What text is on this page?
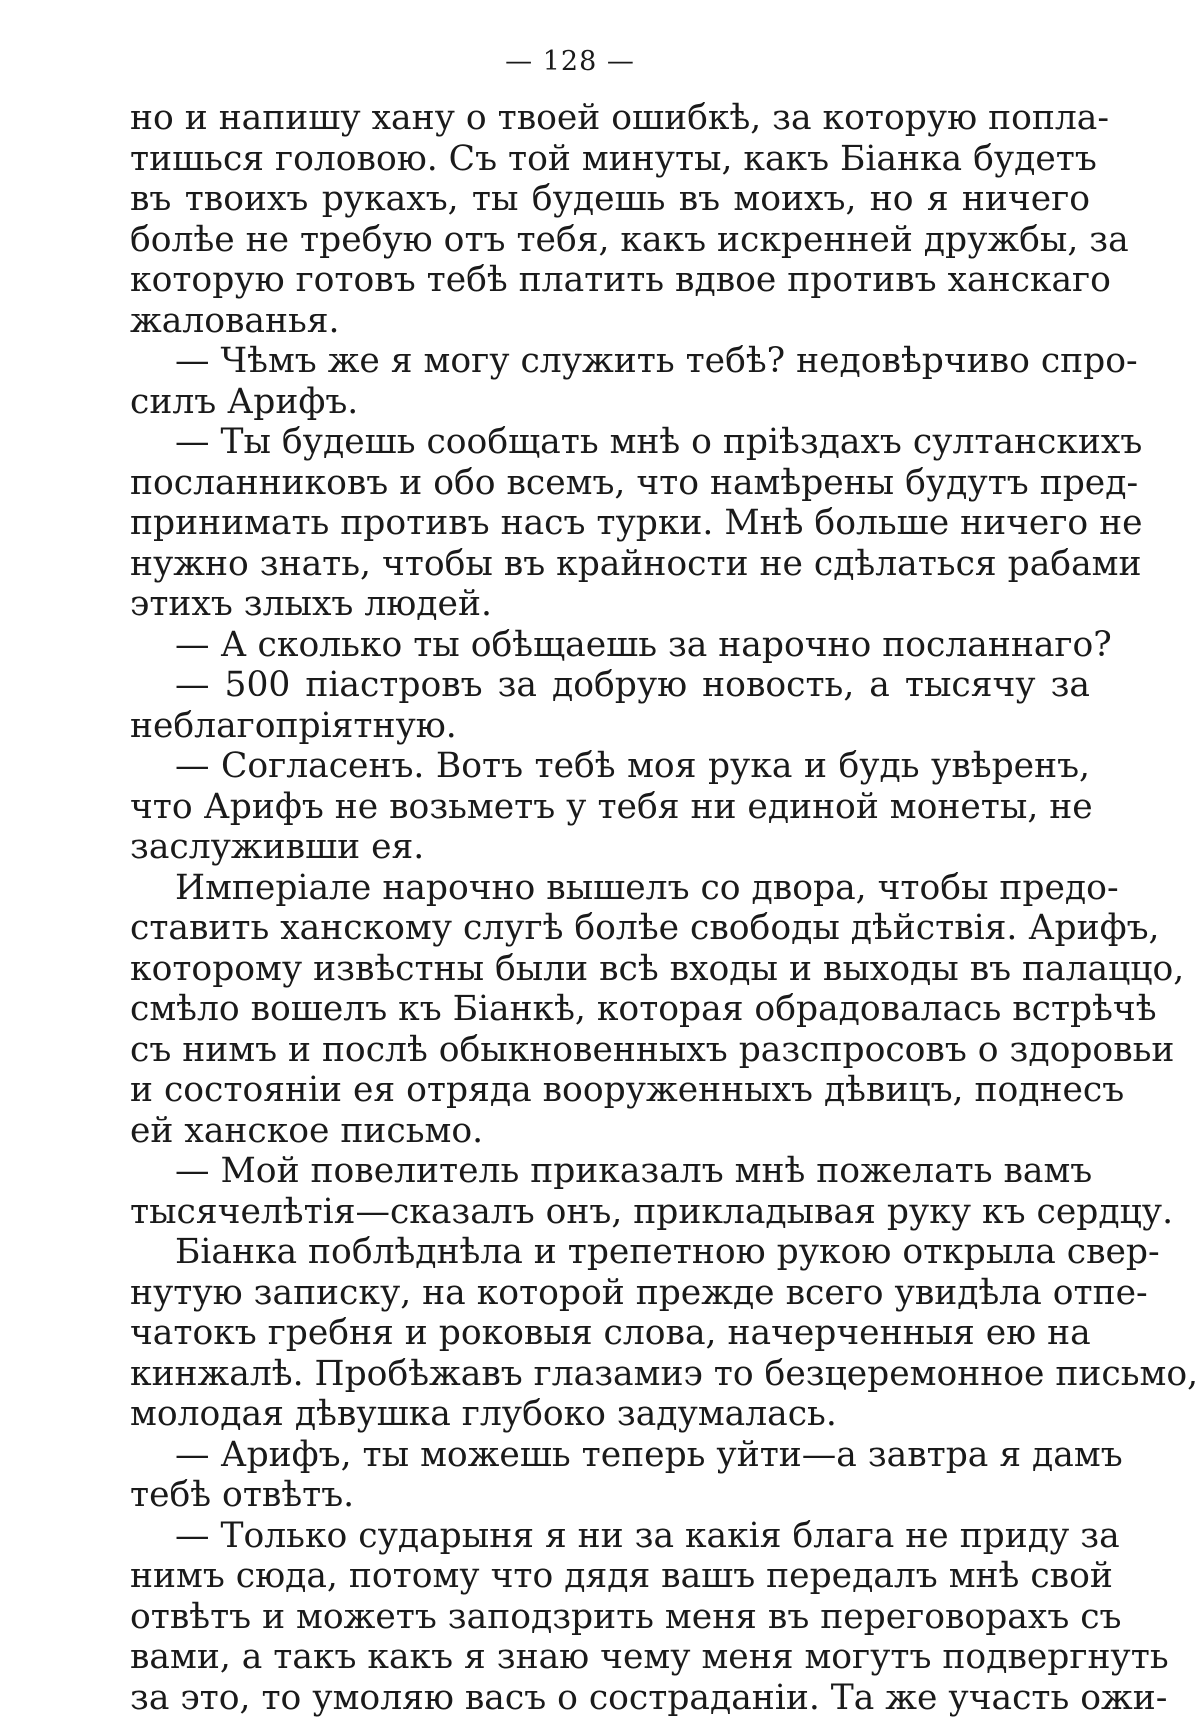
— 128 —
но и напишу хану о твоей ошибкѣ, за которую попла-
тишься головою. Съ той минуты, какъ Біанка будетъ
въ твоихъ рукахъ, ты будешь въ моихъ, но я ничего
болѣе не требую отъ тебя, какъ искренней дружбы, за
которую готовъ тебѣ платить вдвое противъ ханскаго
жалованья.
— Чѣмъ же я могу служить тебѣ? недовѣрчиво спро-
силъ Арифъ.
— Ты будешь сообщать мнѣ о пріѣздахъ султанскихъ
посланниковъ и обо всемъ, что намѣрены будутъ пред-
принимать противъ насъ турки. Мнѣ больше ничего не
нужно знать, чтобы въ крайности не сдѣлаться рабами
этихъ злыхъ людей.
— А сколько ты обѣщаешь за нарочно посланнаго?
— 500 піастровъ за добрую новость, а тысячу за
неблагопріятную.
— Согласенъ. Вотъ тебѣ моя рука и будь увѣренъ,
что Арифъ не возьметъ у тебя ни единой монеты, не
заслуживши ея.
Имперіале нарочно вышелъ со двора, чтобы предо-
ставить ханскому слугѣ болѣе свободы дѣйствія. Арифъ,
которому извѣстны были всѣ входы и выходы въ палаццо,
смѣло вошелъ къ Біанкѣ, которая обрадовалась встрѣчѣ
съ нимъ и послѣ обыкновенныхъ разспросовъ о здоровьи
и состояніи ея отряда вооруженныхъ дѣвицъ, поднесъ
ей ханское письмо.
— Мой повелитель приказалъ мнѣ пожелать вамъ
тысячелѣтія—сказалъ онъ, прикладывая руку къ сердцу.
Біанка поблѣднѣла и трепетною рукою открыла свер-
нутую записку, на которой прежде всего увидѣла отпе-
чатокъ гребня и роковыя слова, начерченныя ею на
кинжалѣ. Пробѣжавъ глазамиэ то безцеремонное письмо,
молодая дѣвушка глубоко задумалась.
— Арифъ, ты можешь теперь уйти—а завтра я дамъ
тебѣ отвѣтъ.
— Только сударыня я ни за какія блага не приду за
нимъ сюда, потому что дядя вашъ передалъ мнѣ свой
отвѣтъ и можетъ заподзрить меня въ переговорахъ съ
вами, а такъ какъ я знаю чему меня могутъ подвергнуть
за это, то умоляю васъ о состраданіи. Та же участь ожи-
